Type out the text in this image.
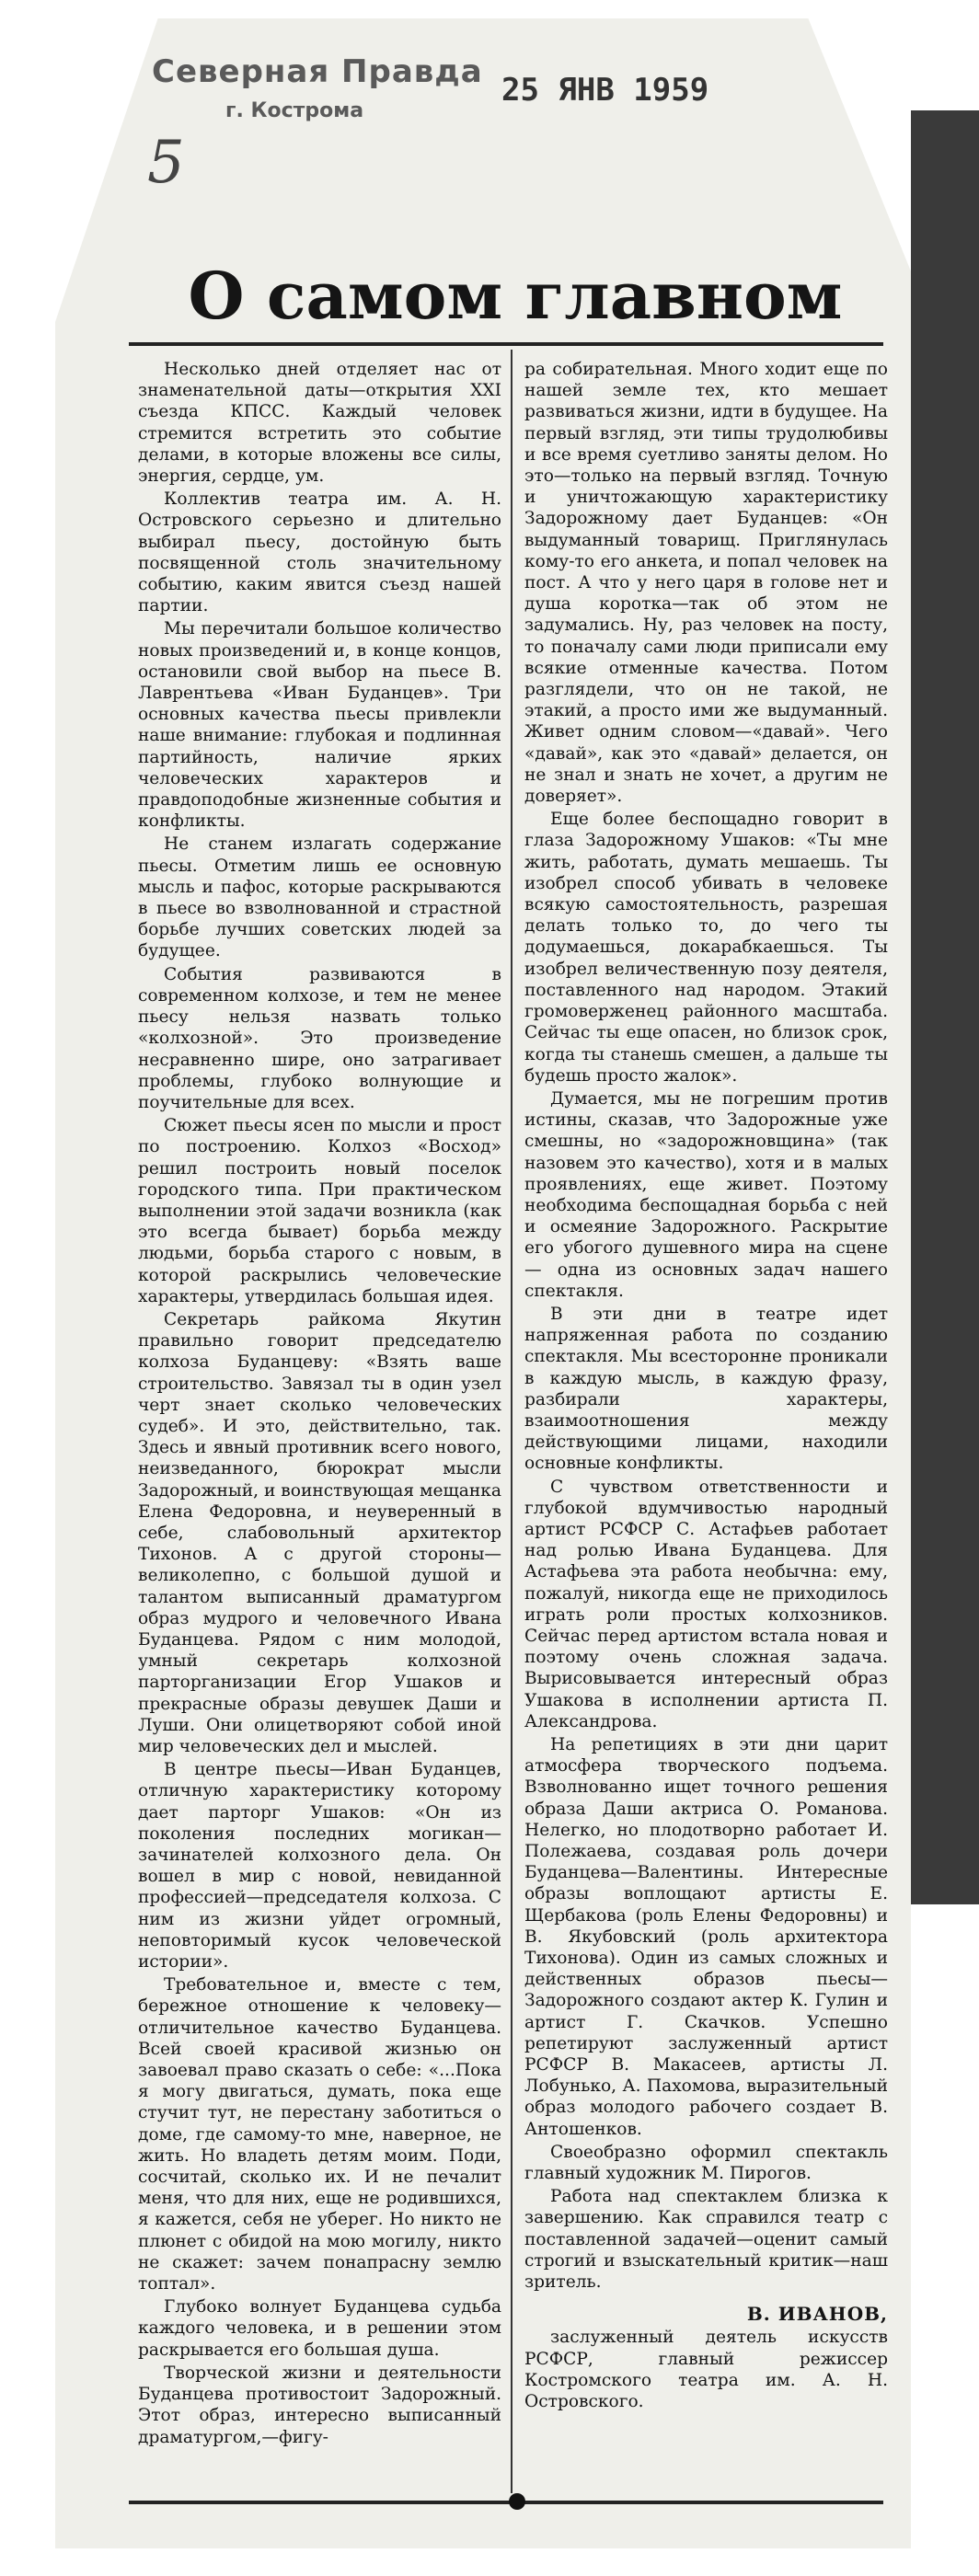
Северная Правда
г. Кострома
25 ЯНВ 1959
5
О самом главном

Несколько дней отделяет нас от знаменательной даты—открытия XXI съезда КПСС. Каждый человек стремится встретить это событие делами, в которые вложены все силы, энергия, сердце, ум.

Коллектив театра им. А. Н. Островского серьезно и длительно выбирал пьесу, достойную быть посвященной столь значительному событию, каким явится съезд нашей партии.

Мы перечитали большое количество новых произведений и, в конце концов, остановили свой выбор на пьесе В. Лаврентьева «Иван Буданцев». Три основных качества пьесы привлекли наше внимание: глубокая и подлинная партийность, наличие ярких человеческих характеров и правдоподобные жизненные события и конфликты.

Не станем излагать содержание пьесы. Отметим лишь ее основную мысль и пафос, которые раскрываются в пьесе во взволнованной и страстной борьбе лучших советских людей за будущее.

События развиваются в современном колхозе, и тем не менее пьесу нельзя назвать только «колхозной». Это произведение несравненно шире, оно затрагивает проблемы, глубоко волнующие и поучительные для всех.

Сюжет пьесы ясен по мысли и прост по построению. Колхоз «Восход» решил построить новый поселок городского типа. При практическом выполнении этой задачи возникла (как это всегда бывает) борьба между людьми, борьба старого с новым, в которой раскрылись человеческие характеры, утвердилась большая идея.

Секретарь райкома Якутин правильно говорит председателю колхоза Буданцеву: «Взять ваше строительство. Завязал ты в один узел черт знает сколько человеческих судеб». И это, действительно, так. Здесь и явный противник всего нового, неизведанного, бюрократ мысли Задорожный, и воинствующая мещанка Елена Федоровна, и неуверенный в себе, слабовольный архитектор Тихонов. А с другой стороны—великолепно, с большой душой и талантом выписанный драматургом образ мудрого и человечного Ивана Буданцева. Рядом с ним молодой, умный секретарь колхозной парторганизации Егор Ушаков и прекрасные образы девушек Даши и Луши. Они олицетворяют собой иной мир человеческих дел и мыслей.

В центре пьесы—Иван Буданцев, отличную характеристику которому дает парторг Ушаков: «Он из поколения последних могикан—зачинателей колхозного дела. Он вошел в мир с новой, невиданной профессией—председателя колхоза. С ним из жизни уйдет огромный, неповторимый кусок человеческой истории».

Требовательное и, вместе с тем, бережное отношение к человеку—отличительное качество Буданцева. Всей своей красивой жизнью он завоевал право сказать о себе: «...Пока я могу двигаться, думать, пока еще стучит тут, не перестану заботиться о доме, где самому-то мне, наверное, не жить. Но владеть детям моим. Поди, сосчитай, сколько их. И не печалит меня, что для них, еще не родившихся, я кажется, себя не уберег. Но никто не плюнет с обидой на мою могилу, никто не скажет: зачем понапрасну землю топтал».

Глубоко волнует Буданцева судьба каждого человека, и в решении этом раскрывается его большая душа.

Творческой жизни и деятельности Буданцева противостоит Задорожный. Этот образ, интересно выписанный драматургом,—фигу-

ра собирательная. Много ходит еще по нашей земле тех, кто мешает развиваться жизни, идти в будущее. На первый взгляд, эти типы трудолюбивы и все время суетливо заняты делом. Но это—только на первый взгляд. Точную и уничтожающую характеристику Задорожному дает Буданцев: «Он выдуманный товарищ. Приглянулась кому-то его анкета, и попал человек на пост. А что у него царя в голове нет и душа коротка—так об этом не задумались. Ну, раз человек на посту, то поначалу сами люди приписали ему всякие отменные качества. Потом разглядели, что он не такой, не этакий, а просто ими же выдуманный. Живет одним словом—«давай». Чего «давай», как это «давай» делается, он не знал и знать не хочет, а другим не доверяет».

Еще более беспощадно говорит в глаза Задорожному Ушаков: «Ты мне жить, работать, думать мешаешь. Ты изобрел способ убивать в человеке всякую самостоятельность, разрешая делать только то, до чего ты додумаешься, докарабкаешься. Ты изобрел величественную позу деятеля, поставленного над народом. Этакий громоверженец районного масштаба. Сейчас ты еще опасен, но близок срок, когда ты станешь смешен, а дальше ты будешь просто жалок».

Думается, мы не погрешим против истины, сказав, что Задорожные уже смешны, но «задорожновщина» (так назовем это качество), хотя и в малых проявлениях, еще живет. Поэтому необходима беспощадная борьба с ней и осмеяние Задорожного. Раскрытие его убогого душевного мира на сцене — одна из основных задач нашего спектакля.

В эти дни в театре идет напряженная работа по созданию спектакля. Мы всесторонне проникали в каждую мысль, в каждую фразу, разбирали характеры, взаимоотношения между действующими лицами, находили основные конфликты.

С чувством ответственности и глубокой вдумчивостью народный артист РСФСР С. Астафьев работает над ролью Ивана Буданцева. Для Астафьева эта работа необычна: ему, пожалуй, никогда еще не приходилось играть роли простых колхозников. Сейчас перед артистом встала новая и поэтому очень сложная задача. Вырисовывается интересный образ Ушакова в исполнении артиста П. Александрова.

На репетициях в эти дни царит атмосфера творческого подъема. Взволнованно ищет точного решения образа Даши актриса О. Романова. Нелегко, но плодотворно работает И. Полежаева, создавая роль дочери Буданцева—Валентины. Интересные образы воплощают артисты Е. Щербакова (роль Елены Федоровны) и В. Якубовский (роль архитектора Тихонова). Один из самых сложных и действенных образов пьесы—Задорожного создают актер К. Гулин и артист Г. Скачков. Успешно репетируют заслуженный артист РСФСР В. Макасеев, артисты Л. Лобунько, А. Пахомова, выразительный образ молодого рабочего создает В. Антошенков.

Своеобразно оформил спектакль главный художник М. Пирогов.

Работа над спектаклем близка к завершению. Как справился театр с поставленной задачей—оценит самый строгий и взыскательный критик—наш зритель.

В. ИВАНОВ,

заслуженный деятель искусств РСФСР, главный режиссер Костромского театра им. А. Н. Островского.
